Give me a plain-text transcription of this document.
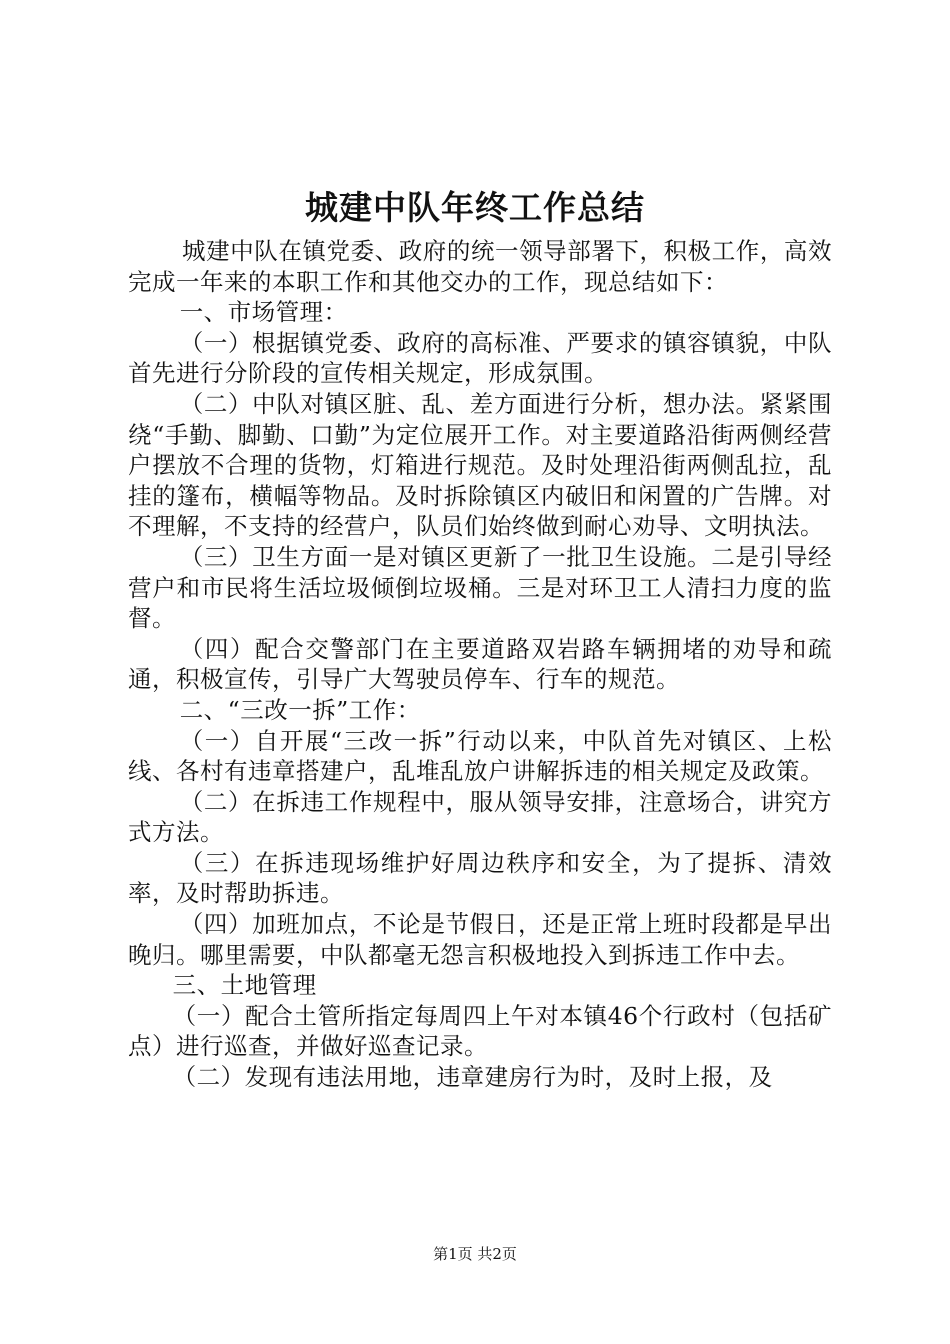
城建中队年终工作总结

城建中队在镇党委、政府的统一领导部署下，积极工作，高效完成一年来的本职工作和其他交办的工作，现总结如下：

一、市场管理：

（一）根据镇党委、政府的高标准、严要求的镇容镇貌，中队首先进行分阶段的宣传相关规定，形成氛围。

（二）中队对镇区脏、乱、差方面进行分析，想办法。紧紧围绕“手勤、脚勤、口勤”为定位展开工作。对主要道路沿街两侧经营户摆放不合理的货物，灯箱进行规范。及时处理沿街两侧乱拉，乱挂的篷布，横幅等物品。及时拆除镇区内破旧和闲置的广告牌。对不理解，不支持的经营户，队员们始终做到耐心劝导、文明执法。

（三）卫生方面一是对镇区更新了一批卫生设施。二是引导经营户和市民将生活垃圾倾倒垃圾桶。三是对环卫工人清扫力度的监督。

（四）配合交警部门在主要道路双岩路车辆拥堵的劝导和疏通，积极宣传，引导广大驾驶员停车、行车的规范。

二、“三改一拆”工作：

（一）自开展“三改一拆”行动以来，中队首先对镇区、上松线、各村有违章搭建户，乱堆乱放户讲解拆违的相关规定及政策。

（二）在拆违工作规程中，服从领导安排，注意场合，讲究方式方法。

（三）在拆违现场维护好周边秩序和安全，为了提拆、清效率，及时帮助拆违。

（四）加班加点，不论是节假日，还是正常上班时段都是早出晚归。哪里需要，中队都毫无怨言积极地投入到拆违工作中去。

三、土地管理

（一）配合土管所指定每周四上午对本镇46个行政村（包括矿点）进行巡查，并做好巡查记录。

（二）发现有违法用地，违章建房行为时，及时上报，及

第1页 共2页
